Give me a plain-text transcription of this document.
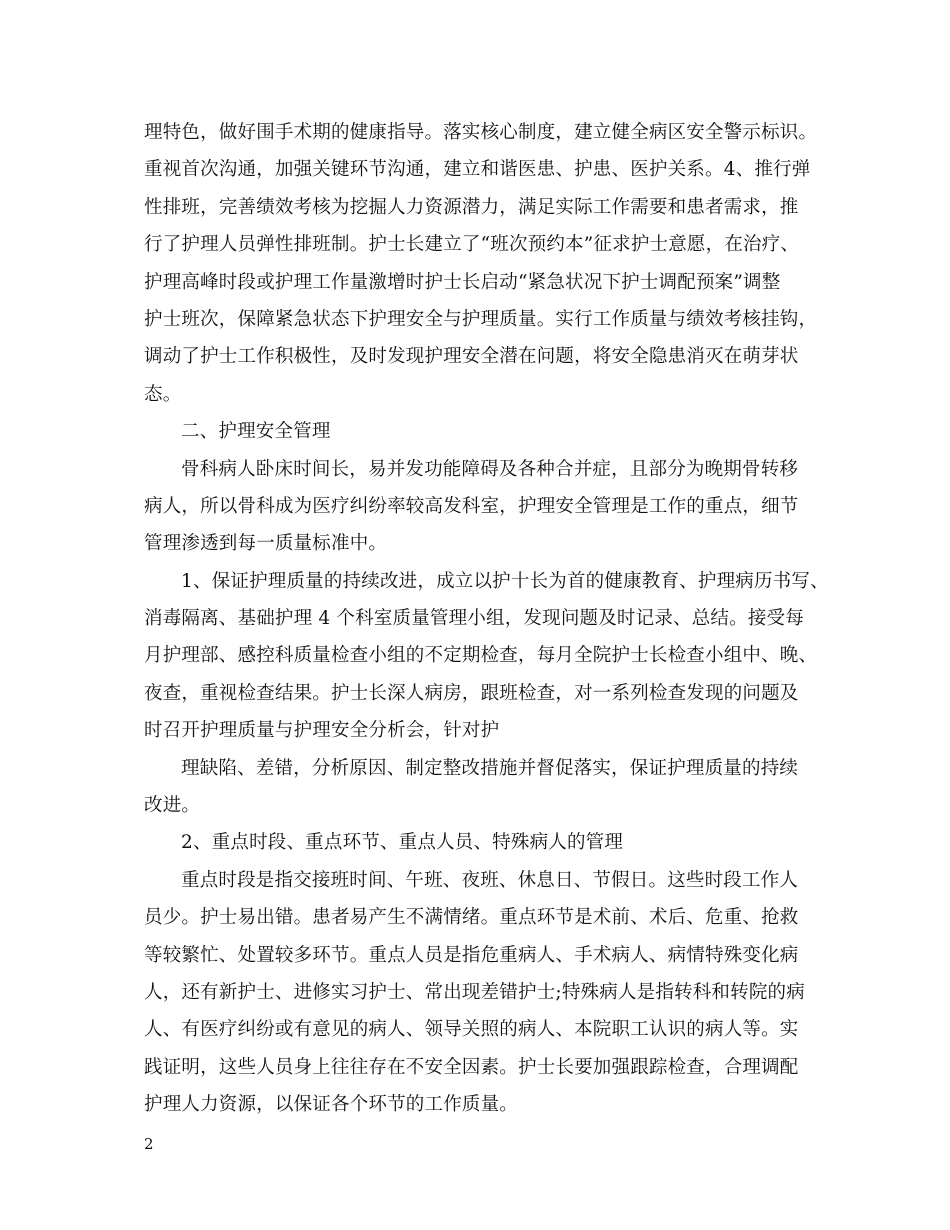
理特色，做好围手术期的健康指导。落实核心制度，建立健全病区安全警示标识。
重视首次沟通，加强关键环节沟通，建立和谐医患、护患、医护关系。4、推行弹
性排班，完善绩效考核为挖掘人力资源潜力，满足实际工作需要和患者需求，推
行了护理人员弹性排班制。护士长建立了“班次预约本”征求护士意愿，在治疗、
护理高峰时段或护理工作量激增时护士长启动“紧急状况下护士调配预案”调整
护士班次，保障紧急状态下护理安全与护理质量。实行工作质量与绩效考核挂钩，
调动了护士工作积极性，及时发现护理安全潜在问题，将安全隐患消灭在萌芽状
态。
二、护理安全管理
骨科病人卧床时间长，易并发功能障碍及各种合并症，且部分为晚期骨转移
病人，所以骨科成为医疗纠纷率较高发科室，护理安全管理是工作的重点，细节
管理渗透到每一质量标准中。
1、保证护理质量的持续改进，成立以护十长为首的健康教育、护理病历书写、
消毒隔离、基础护理 4 个科室质量管理小组，发现问题及时记录、总结。接受每
月护理部、感控科质量检查小组的不定期检查，每月全院护士长检查小组中、晚、
夜查，重视检查结果。护士长深人病房，跟班检查，对一系列检查发现的问题及
时召开护理质量与护理安全分析会，针对护
理缺陷、差错，分析原因、制定整改措施并督促落实，保证护理质量的持续
改进。
2、重点时段、重点环节、重点人员、特殊病人的管理
重点时段是指交接班时间、午班、夜班、休息日、节假日。这些时段工作人
员少。护士易出错。患者易产生不满情绪。重点环节是术前、术后、危重、抢救
等较繁忙、处置较多环节。重点人员是指危重病人、手术病人、病情特殊变化病
人，还有新护士、进修实习护士、常出现差错护士;特殊病人是指转科和转院的病
人、有医疗纠纷或有意见的病人、领导关照的病人、本院职工认识的病人等。实
践证明，这些人员身上往往存在不安全因素。护士长要加强跟踪检查，合理调配
护理人力资源，以保证各个环节的工作质量。
2
